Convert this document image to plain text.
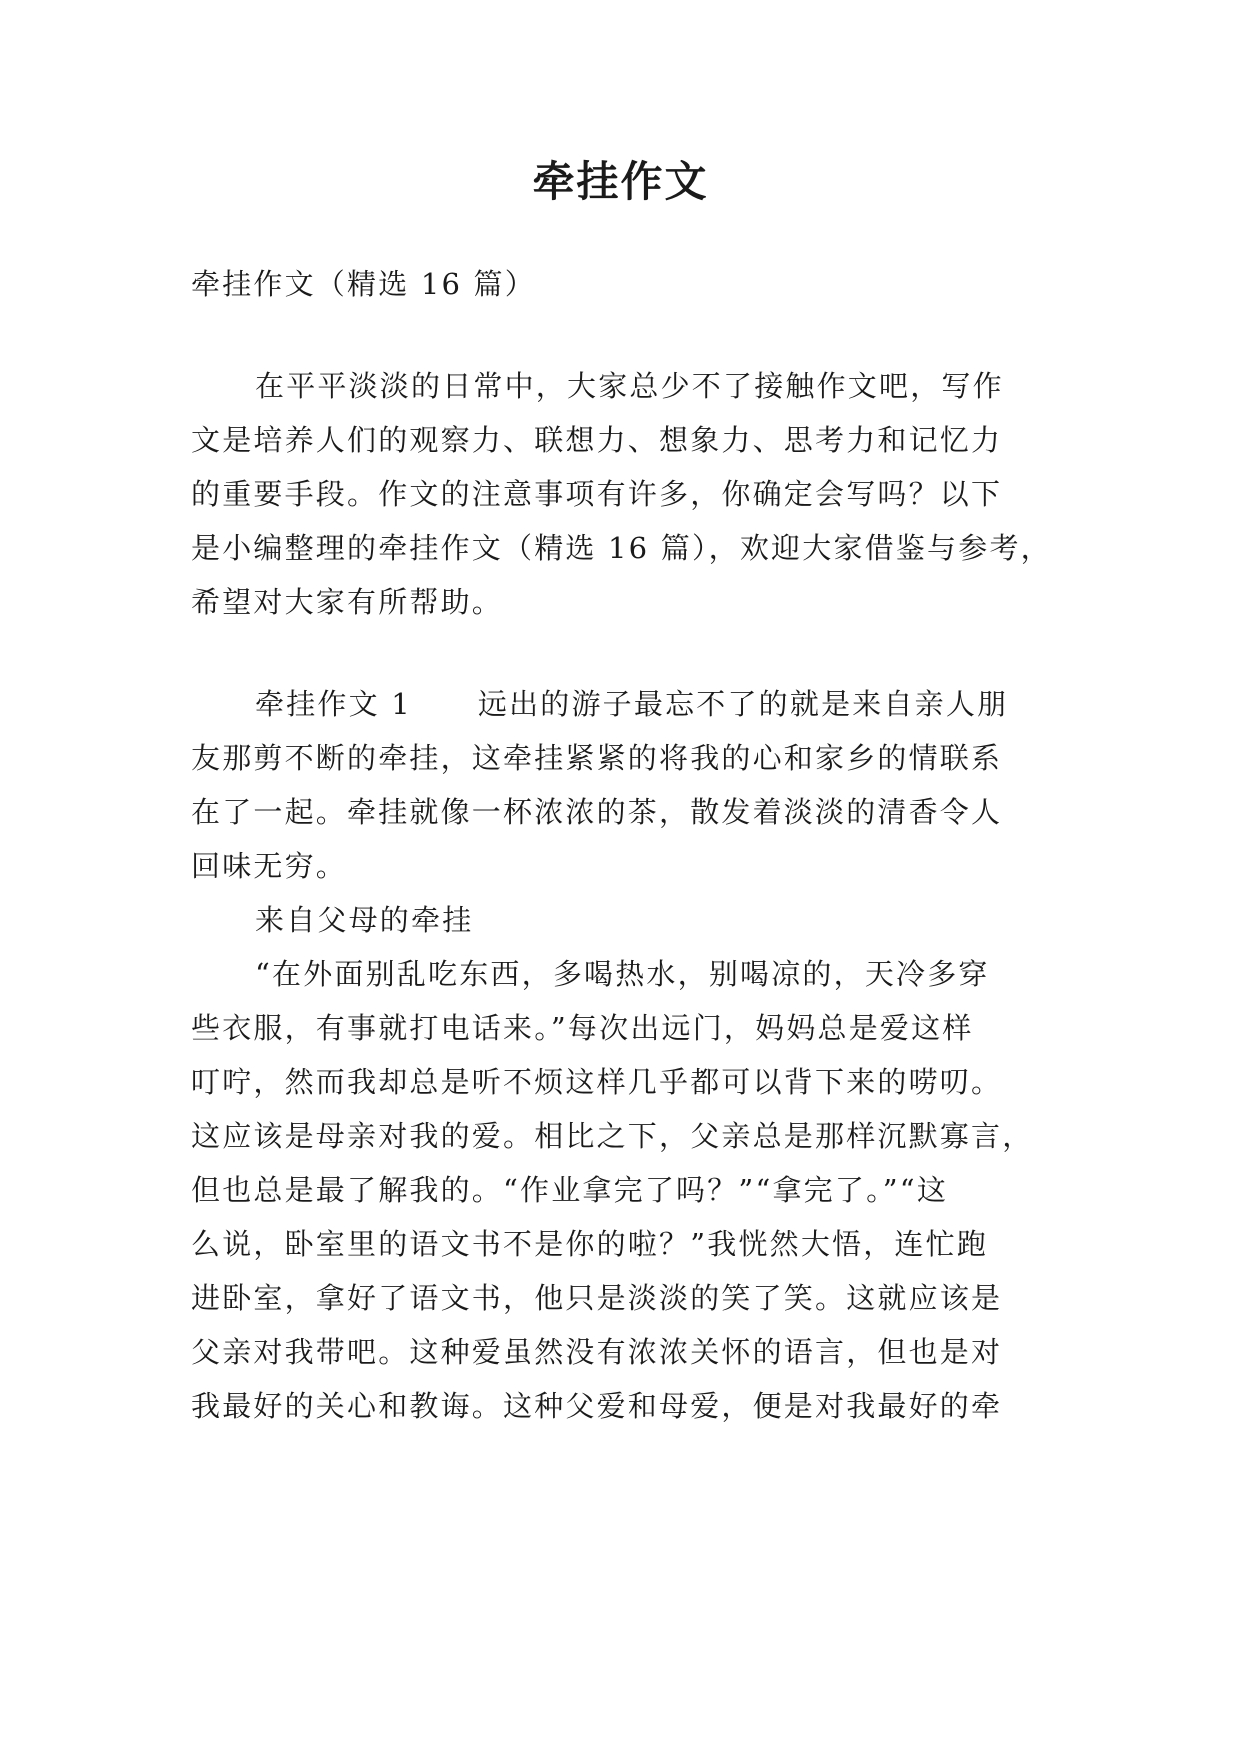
牵挂作文
牵挂作文（精选 16 篇）
在平平淡淡的日常中，大家总少不了接触作文吧，写作
文是培养人们的观察力、联想力、想象力、思考力和记忆力
的重要手段。作文的注意事项有许多，你确定会写吗？以下
是小编整理的牵挂作文（精选 16 篇），欢迎大家借鉴与参考，
希望对大家有所帮助。
牵挂作文 1 远出的游子最忘不了的就是来自亲人朋
友那剪不断的牵挂，这牵挂紧紧的将我的心和家乡的情联系
在了一起。牵挂就像一杯浓浓的茶，散发着淡淡的清香令人
回味无穷。
来自父母的牵挂
“在外面别乱吃东西，多喝热水，别喝凉的，天冷多穿
些衣服，有事就打电话来。”每次出远门，妈妈总是爱这样
叮咛，然而我却总是听不烦这样几乎都可以背下来的唠叨。
这应该是母亲对我的爱。相比之下，父亲总是那样沉默寡言，
但也总是最了解我的。“作业拿完了吗？”“拿完了。”“这
么说，卧室里的语文书不是你的啦？”我恍然大悟，连忙跑
进卧室，拿好了语文书，他只是淡淡的笑了笑。这就应该是
父亲对我带吧。这种爱虽然没有浓浓关怀的语言，但也是对
我最好的关心和教诲。这种父爱和母爱，便是对我最好的牵
